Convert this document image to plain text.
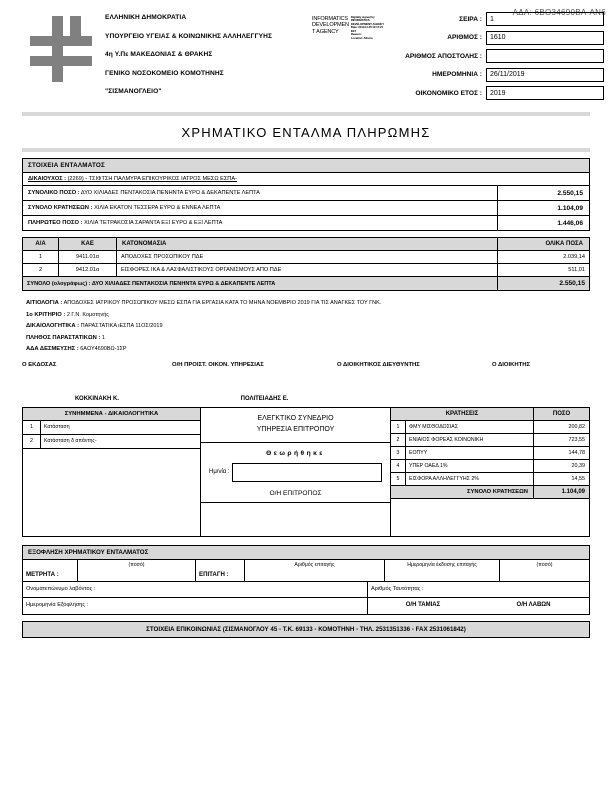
ΑΔΑ: 6ΒΟ34690ΒΑ-ΑΝ6
ΕΛΛΗΝΙΚΗ ΔΗΜΟΚΡΑΤΙΑ
ΥΠΟΥΡΓΕΙΟ ΥΓΕΙΑΣ & ΚΟΙΝΩΝΙΚΗΣ ΑΛΛΗΛΕΓΓΥΗΣ
4η Υ.Πε ΜΑΚΕΔΟΝΙΑΣ & ΘΡΑΚΗΣ
ΓΕΝΙΚΟ ΝΟΣΟΚΟΜΕΙΟ ΚΟΜΟΤΗΝΗΣ
"ΣΙΣΜΑΝΟΓΛΕΙΟ"
INFORMATICS
DEVELOPMEN
T AGENCY
Digitally signed by
INFORMATICS
DEVELOPMENT AGENCY
Date: 2019.11.26 12:17:21
EET
Reason:
Location: Athens
ΣΕΙΡΑ :	1
ΑΡΙΘΜΟΣ :	1610
ΑΡΙΘΜΟΣ ΑΠΟΣΤΟΛΗΣ :
ΗΜΕΡΟΜΗΝΙΑ :	26/11/2019
ΟΙΚΟΝΟΜΙΚΟ ΕΤΟΣ :	2019
ΧΡΗΜΑΤΙΚΟ ΕΝΤΑΛΜΑ ΠΛΗΡΩΜΗΣ
ΣΤΟΙΧΕΙΑ ΕΝΤΑΛΜΑΤΟΣ
ΔΙΚΑΙΟΥΧΟΣ : (2269) - ΤΣΙΦΤΣΗ ΠΑΛΜΥΡΑ ΕΠΙΚΟΥΡΙΚΟΣ ΙΑΤΡΟΣ ΜΕΣΩ ΕΣΠΑ-
ΣΥΝΟΛΙΚΟ ΠΟΣΟ : ΔΥΟ ΧΙΛΙΑΔΕΣ ΠΕΝΤΑΚΟΣΙΑ ΠΕΝΗΝΤΑ ΕΥΡΩ & ΔΕΚΑΠΕΝΤΕ ΛΕΠΤΑ	2.550,15
ΣΥΝΟΛΟ ΚΡΑΤΗΣΕΩΝ : ΧΙΛΙΑ ΕΚΑΤΟΝ ΤΕΣΣΕΡΑ ΕΥΡΩ & ΕΝΝΕΑ ΛΕΠΤΑ	1.104,09
ΠΛΗΡΩΤΕΟ ΠΟΣΟ : ΧΙΛΙΑ ΤΕΤΡΑΚΟΣΙΑ ΣΑΡΑΝΤΑ ΕΞΙ ΕΥΡΩ & ΕΞΙ ΛΕΠΤΑ	1.446,06
Α/Α	ΚΑΕ	ΚΑΤΟΝΟΜΑΣΙΑ	ΟΛΙΚΑ ΠΟΣΑ
1	9411.01α	ΑΠΟΔΟΧΕΣ ΠΡΟΣΩΠΙΚΟΥ ΠΔΕ	2.039,14
2	9412.01α	ΕΙΣΦΟΡΕΣ ΙΚΑ & ΛΑΣΦΑΛΙΣΤΙΚΟΥΣ ΟΡΓΑΝΙΣΜΟΥΣ ΑΠΟ ΠΔΕ	511,01
ΣΥΝΟΛΟ (ολογράφως) : ΔΥΟ ΧΙΛΙΑΔΕΣ ΠΕΝΤΑΚΟΣΙΑ ΠΕΝΗΝΤΑ ΕΥΡΩ & ΔΕΚΑΠΕΝΤΕ ΛΕΠΤΑ			2.550,15
ΑΙΤΙΟΛΟΓΙΑ : ΑΠΟΔΟΧΕΣ ΙΑΤΡΙΚΟΥ ΠΡΟΣΩΠΙΚΟΥ ΜΕΣΩ ΕΣΠΑ ΓΙΑ ΕΡΓΑΣΙΑ ΚΑΤΑ ΤΟ ΜΗΝΑ ΝΟΕΜΒΡΙΟ 2019 ΓΙΑ ΤΙΣ ΑΝΑΓΚΕΣ ΤΟΥ ΓΝΚ.
1ο ΚΡΙΤΗΡΙΟ : 2 Γ.Ν. Κομοτηνής
ΔΙΚΑΙΟΛΟΓΗΤΙΚΑ : ΠΑΡΑΣΤΑΤΙΚΑ ιΕΣΠΑ 11ΟΣ/2019
ΠΛΗΘΟΣ ΠΑΡΑΣΤΑΤΙΚΩΝ : 1
ΑΔΑ ΔΕΣΜΕΥΣΗΣ : 6ΑΩΥ4690ΒΩ-1ΣΡ
Ο ΕΚΔΟΣΑΣ	Ο/Η ΠΡΟΙΣΤ. ΟΙΚΟΝ. ΥΠΗΡΕΣΙΑΣ	Ο ΔΙΟΙΚΗΤΙΚΟΣ ΔΙΕΥΘΥΝΤΗΣ	Ο ΔΙΟΙΚΗΤΗΣ
ΚΟΚΚΙΝΑΚΗ Κ.	ΠΟΛΙΤΕΙΑΔΗΣ Ε.
ΣΥΝΗΜΜΕΝΑ - ΔΙΚΑΙΟΛΟΓΗΤΙΚΑ
1	Κατάσταση
2	Κατάσταση δ απάντης-
ΕΛΕΓΚΤΙΚΟ ΣΥΝΕΔΡΙΟ
ΥΠΗΡΕΣΙΑ ΕΠΙΤΡΟΠΟΥ
Θεωρήθηκε
Ημ/νία :
Ο/Η ΕΠΙΤΡΟΠΟΣ
ΚΡΑΤΗΣΕΙΣ	ΠΟΣΟ
1	ΦΜΥ ΜΙΣΘΟΔΟΣΙΑΣ	200,82
2	ΕΝΙΑΙΟΣ ΦΟΡΕΑΣ ΚΟΙΝΩΝΙΚΗ	723,55
3	ΕΟΠΥΥ	144,78
4	ΥΠΕΡ ΟΑΕΔ 1%	20,39
5	ΕΙΣΦΟΡΑ ΑΛΛΗΛΕΓΓΥΗΣ 2%	14,55
ΣΥΝΟΛΟ ΚΡΑΤΗΣΕΩΝ	1.104,09
ΕΞΟΦΛΗΣΗ ΧΡΗΜΑΤΙΚΟΥ ΕΝΤΑΛΜΑΤΟΣ
ΜΕΤΡΗΤΑ :
(ποσό)
ΕΠΙΤΑΓΗ :
Αριθμός επιταγής	Ημερομηνία έκδοσης επιταγής	(ποσό)
Ονοματεπώνυμο λαβόντος :	Αριθμός Ταυτότητας :
Ημερομηνία Εξόφλησης :	Ο/Η ΤΑΜΙΑΣ	Ο/Η ΛΑΒΩΝ
ΣΤΟΙΧΕΙΑ ΕΠΙΚΟΙΝΩΝΙΑΣ (ΣΙΣΜΑΝΟΓΛΟΥ 45 - Τ.Κ. 69133 - ΚΟΜΟΤΗΝΗ - ΤΗΛ. 2531351336 - FAX 2531061842)
